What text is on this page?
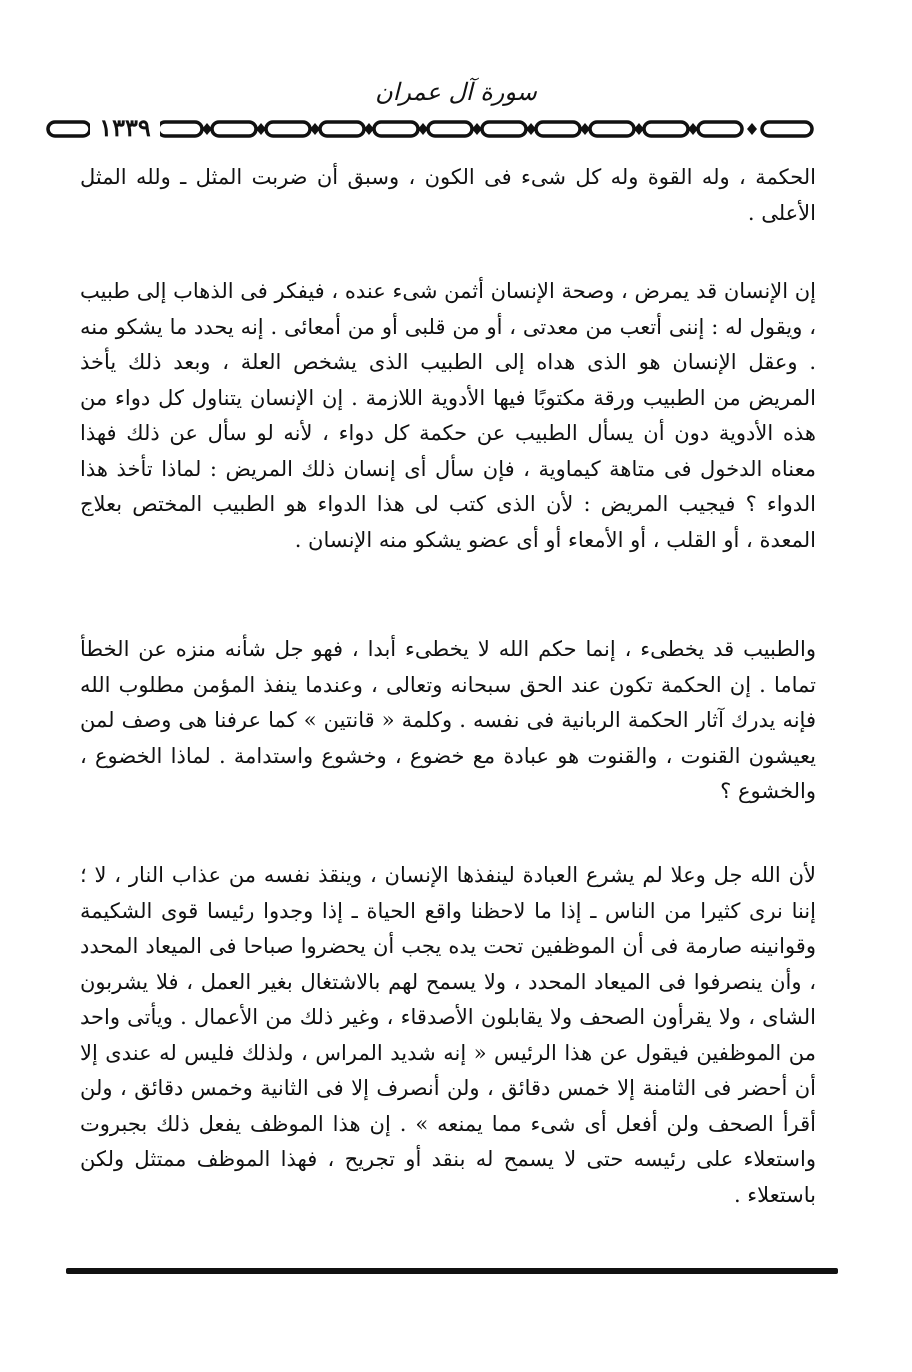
سورة آل عمران
١٣٣٩

الحكمة ، وله القوة وله كل شىء فى الكون ، وسبق أن ضربت المثل ـ ولله المثل الأعلى .

إن الإنسان قد يمرض ، وصحة الإنسان أثمن شىء عنده ، فيفكر فى الذهاب إلى طبيب ، ويقول له : إننى أتعب من معدتى ، أو من قلبى أو من أمعائى . إنه يحدد ما يشكو منه . وعقل الإنسان هو الذى هداه إلى الطبيب الذى يشخص العلة ، وبعد ذلك يأخذ المريض من الطبيب ورقة مكتوبًا فيها الأدوية اللازمة . إن الإنسان يتناول كل دواء من هذه الأدوية دون أن يسأل الطبيب عن حكمة كل دواء ، لأنه لو سأل عن ذلك فهذا معناه الدخول فى متاهة كيماوية ، فإن سأل أى إنسان ذلك المريض : لماذا تأخذ هذا الدواء ؟ فيجيب المريض : لأن الذى كتب لى هذا الدواء هو الطبيب المختص بعلاج المعدة ، أو القلب ، أو الأمعاء أو أى عضو يشكو منه الإنسان .

والطبيب قد يخطىء ، إنما حكم الله لا يخطىء أبدا ، فهو جل شأنه منزه عن الخطأ تماما . إن الحكمة تكون عند الحق سبحانه وتعالى ، وعندما ينفذ المؤمن مطلوب الله فإنه يدرك آثار الحكمة الربانية فى نفسه . وكلمة « قانتين » كما عرفنا هى وصف لمن يعيشون القنوت ، والقنوت هو عبادة مع خضوع ، وخشوع واستدامة . لماذا الخضوع ، والخشوع ؟

لأن الله جل وعلا لم يشرع العبادة لينفذها الإنسان ، وينقذ نفسه من عذاب النار ، لا ؛ إننا نرى كثيرا من الناس ـ إذا ما لاحظنا واقع الحياة ـ إذا وجدوا رئيسا قوى الشكيمة وقوانينه صارمة فى أن الموظفين تحت يده يجب أن يحضروا صباحا فى الميعاد المحدد ، وأن ينصرفوا فى الميعاد المحدد ، ولا يسمح لهم بالاشتغال بغير العمل ، فلا يشربون الشاى ، ولا يقرأون الصحف ولا يقابلون الأصدقاء ، وغير ذلك من الأعمال . ويأتى واحد من الموظفين فيقول عن هذا الرئيس « إنه شديد المراس ، ولذلك فليس له عندى إلا أن أحضر فى الثامنة إلا خمس دقائق ، ولن أنصرف إلا فى الثانية وخمس دقائق ، ولن أقرأ الصحف ولن أفعل أى شىء مما يمنعه » . إن هذا الموظف يفعل ذلك بجبروت واستعلاء على رئيسه حتى لا يسمح له بنقد أو تجريح ، فهذا الموظف ممتثل ولكن باستعلاء .
